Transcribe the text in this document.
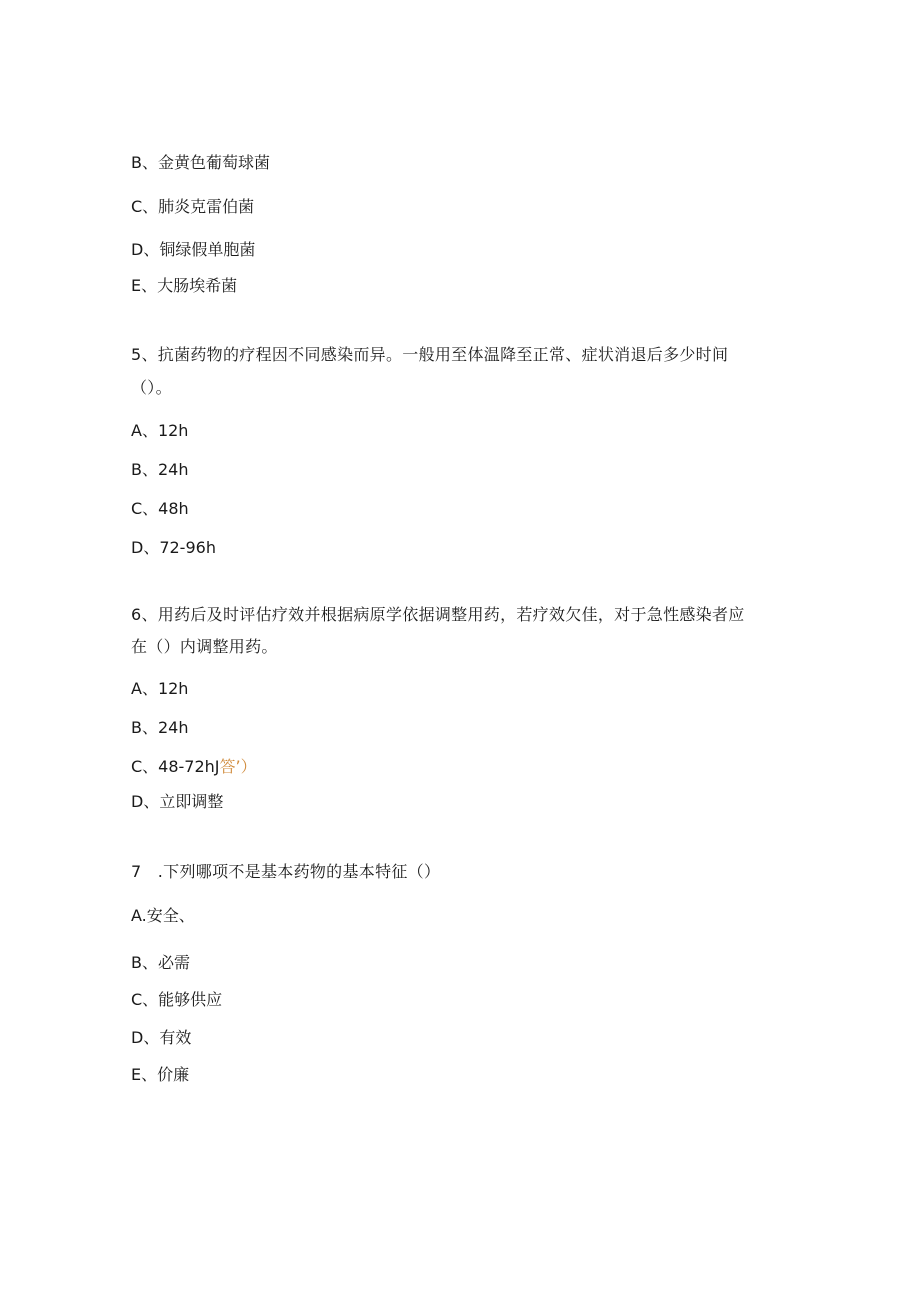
B、金黄色葡萄球菌
C、肺炎克雷伯菌
D、铜绿假单胞菌
E、大肠埃希菌
5、抗菌药物的疗程因不同感染而异。一般用至体温降至正常、症状消退后多少时间
（）。
A、12h
B、24h
C、48h
D、72-96h
6、用药后及时评估疗效并根据病原学依据调整用药，若疗效欠佳，对于急性感染者应
在（）内调整用药。
A、12h
B、24h
C、48-72hJ答’）
D、立即调整
7 .下列哪项不是基本药物的基本特征（）
A.安全、
B、必需
C、能够供应
D、有效
E、价廉
